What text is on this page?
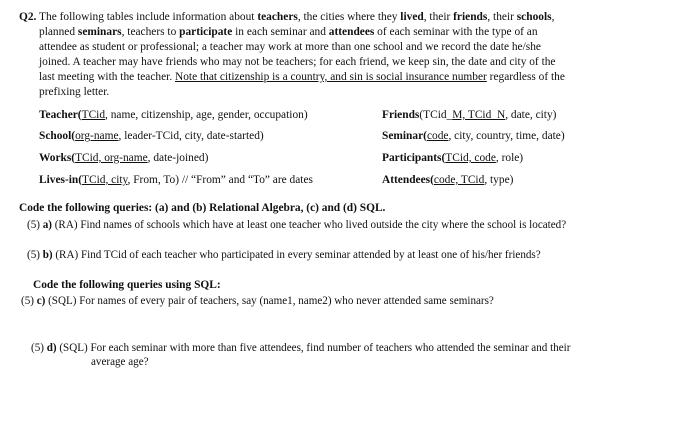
Q2. The following tables include information about teachers, the cities where they lived, their friends, their schools,
planned seminars, teachers to participate in each seminar and attendees of each seminar with the type of an
attendee as student or professional; a teacher may work at more than one school and we record the date he/she
joined. A teacher may have friends who may not be teachers; for each friend, we keep sin, the date and city of the
last meeting with the teacher. Note that citizenship is a country, and sin is social insurance number regardless of the
prefixing letter.
Teacher(TCid, name, citizenship, age, gender, occupation)
School(org-name, leader-TCid, city, date-started)
Works(TCid, org-name, date-joined)
Lives-in(TCid, city, From, To) // “From” and “To” are dates
Friends(TCid_M, TCid_N, date, city)
Seminar(code, city, country, time, date)
Participants(TCid, code, role)
Attendees(code, TCid, type)
Code the following queries: (a) and (b) Relational Algebra, (c) and (d) SQL.
(5) a) (RA) Find names of schools which have at least one teacher who lived outside the city where the school is located?
(5) b) (RA) Find TCid of each teacher who participated in every seminar attended by at least one of his/her friends?
Code the following queries using SQL:
(5) c) (SQL) For names of every pair of teachers, say (name1, name2) who never attended same seminars?
(5) d) (SQL) For each seminar with more than five attendees, find number of teachers who attended the seminar and their
average age?
